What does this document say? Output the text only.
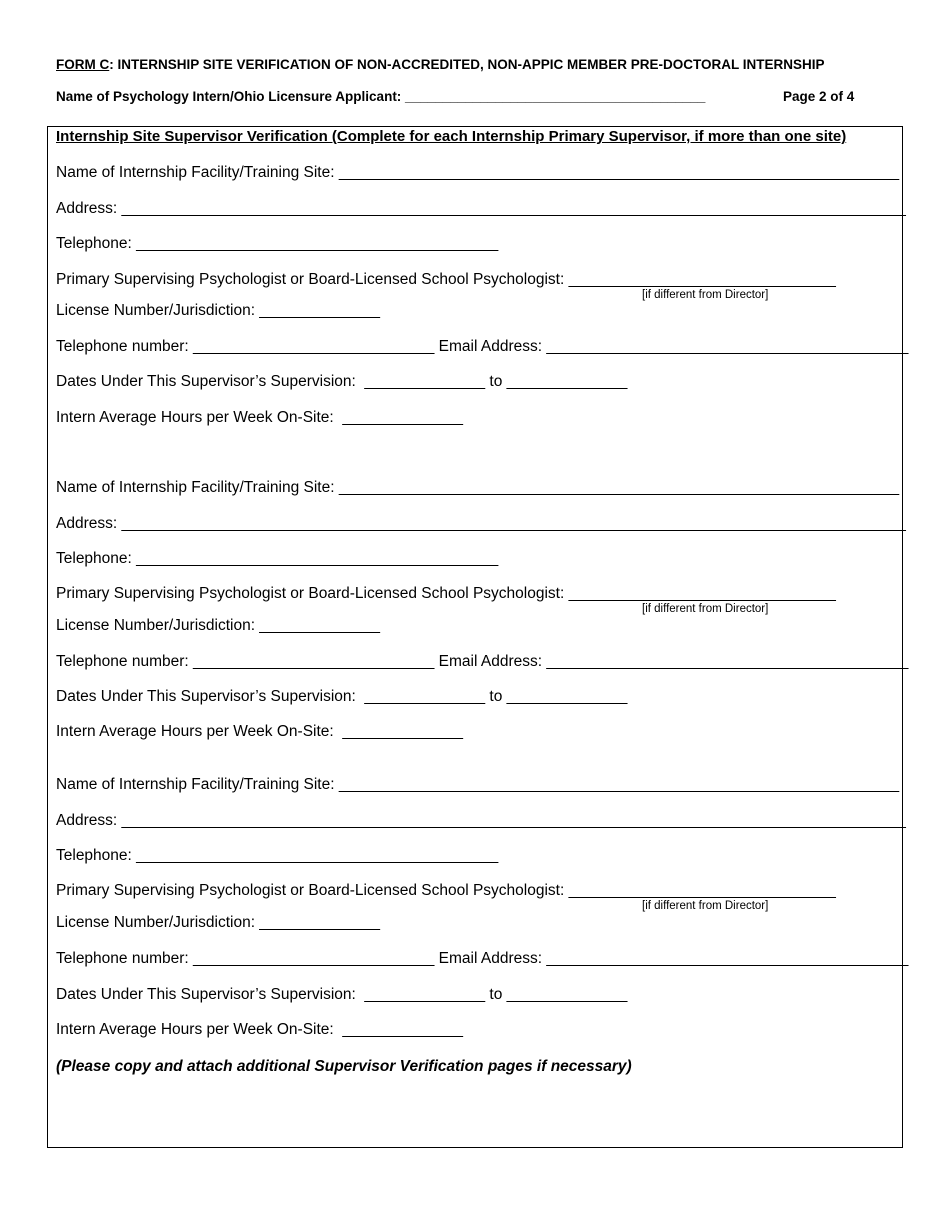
FORM C: INTERNSHIP SITE VERIFICATION OF NON-ACCREDITED, NON-APPIC MEMBER PRE-DOCTORAL INTERNSHIP
Name of Psychology Intern/Ohio Licensure Applicant: ________________________________________	Page 2 of 4
Internship Site Supervisor Verification (Complete for each Internship Primary Supervisor, if more than one site)
Name of Internship Facility/Training Site: _________________________________________________________________
Address: ___________________________________________________________________________________________
Telephone: __________________________________________
Primary Supervising Psychologist or Board-Licensed School Psychologist: _______________________________
[if different from Director]
License Number/Jurisdiction: ______________
Telephone number: ____________________________ Email Address: __________________________________________
Dates Under This Supervisor’s Supervision:  ______________ to ______________
Intern Average Hours per Week On-Site:  ______________
Name of Internship Facility/Training Site: _________________________________________________________________
Address: ___________________________________________________________________________________________
Telephone: __________________________________________
Primary Supervising Psychologist or Board-Licensed School Psychologist: _______________________________
[if different from Director]
License Number/Jurisdiction: ______________
Telephone number: ____________________________ Email Address: __________________________________________
Dates Under This Supervisor’s Supervision:  ______________ to ______________
Intern Average Hours per Week On-Site:  ______________
Name of Internship Facility/Training Site: _________________________________________________________________
Address: ___________________________________________________________________________________________
Telephone: __________________________________________
Primary Supervising Psychologist or Board-Licensed School Psychologist: _______________________________
[if different from Director]
License Number/Jurisdiction: ______________
Telephone number: ____________________________ Email Address: __________________________________________
Dates Under This Supervisor’s Supervision:  ______________ to ______________
Intern Average Hours per Week On-Site:  ______________
(Please copy and attach additional Supervisor Verification pages if necessary)
